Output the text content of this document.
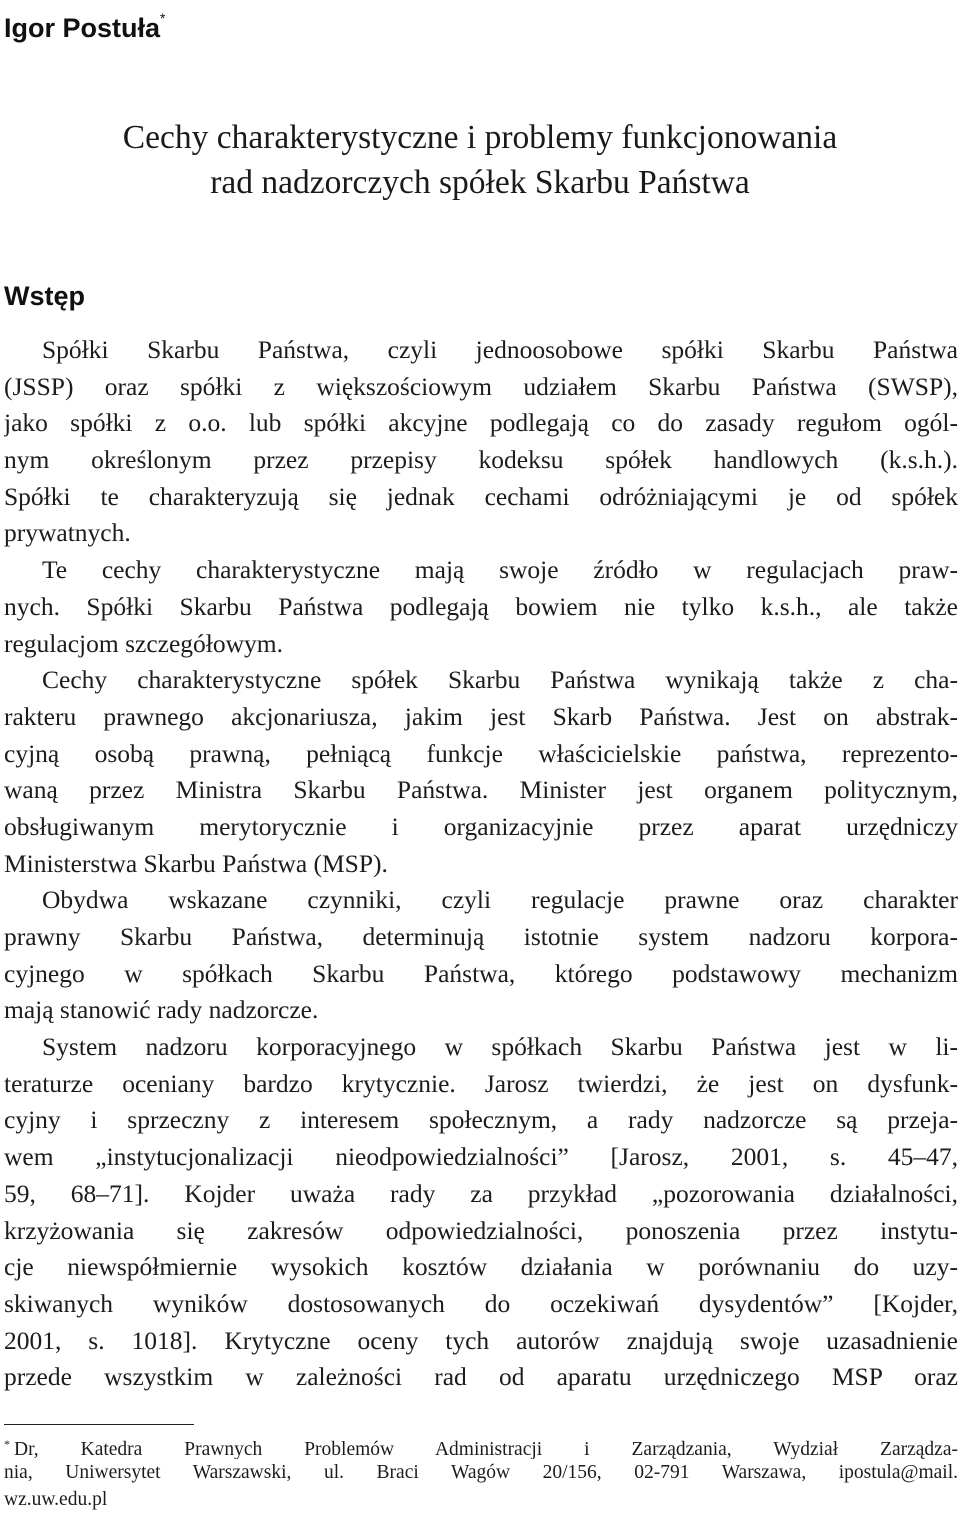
Igor Postuła*
Cechy charakterystyczne i problemy funkcjonowania
rad nadzorczych spółek Skarbu Państwa
Wstęp
Spółki Skarbu Państwa, czyli jednoosobowe spółki Skarbu Państwa
(JSSP) oraz spółki z większościowym udziałem Skarbu Państwa (SWSP),
jako spółki z o.o. lub spółki akcyjne podlegają co do zasady regułom ogól-
nym określonym przez przepisy kodeksu spółek handlowych (k.s.h.).
Spółki te charakteryzują się jednak cechami odróżniającymi je od spółek
prywatnych.
Te cechy charakterystyczne mają swoje źródło w regulacjach praw-
nych. Spółki Skarbu Państwa podlegają bowiem nie tylko k.s.h., ale także
regulacjom szczegółowym.
Cechy charakterystyczne spółek Skarbu Państwa wynikają także z cha-
rakteru prawnego akcjonariusza, jakim jest Skarb Państwa. Jest on abstrak-
cyjną osobą prawną, pełniącą funkcje właścicielskie państwa, reprezento-
waną przez Ministra Skarbu Państwa. Minister jest organem politycznym,
obsługiwanym merytorycznie i organizacyjnie przez aparat urzędniczy
Ministerstwa Skarbu Państwa (MSP).
Obydwa wskazane czynniki, czyli regulacje prawne oraz charakter
prawny Skarbu Państwa, determinują istotnie system nadzoru korpora-
cyjnego w spółkach Skarbu Państwa, którego podstawowy mechanizm
mają stanowić rady nadzorcze.
System nadzoru korporacyjnego w spółkach Skarbu Państwa jest w li-
teraturze oceniany bardzo krytycznie. Jarosz twierdzi, że jest on dysfunk-
cyjny i sprzeczny z interesem społecznym, a rady nadzorcze są przeja-
wem „instytucjonalizacji nieodpowiedzialności” [Jarosz, 2001, s. 45–47,
59, 68–71]. Kojder uważa rady za przykład „pozorowania działalności,
krzyżowania się zakresów odpowiedzialności, ponoszenia przez instytu-
cje niewspółmiernie wysokich kosztów działania w porównaniu do uzy-
skiwanych wyników dostosowanych do oczekiwań dysydentów” [Kojder,
2001, s. 1018]. Krytyczne oceny tych autorów znajdują swoje uzasadnienie
przede wszystkim w zależności rad od aparatu urzędniczego MSP oraz
* Dr, Katedra Prawnych Problemów Administracji i Zarządzania, Wydział Zarządza-
nia, Uniwersytet Warszawski, ul. Braci Wagów 20/156, 02-791 Warszawa, ipostula@mail.
wz.uw.edu.pl
